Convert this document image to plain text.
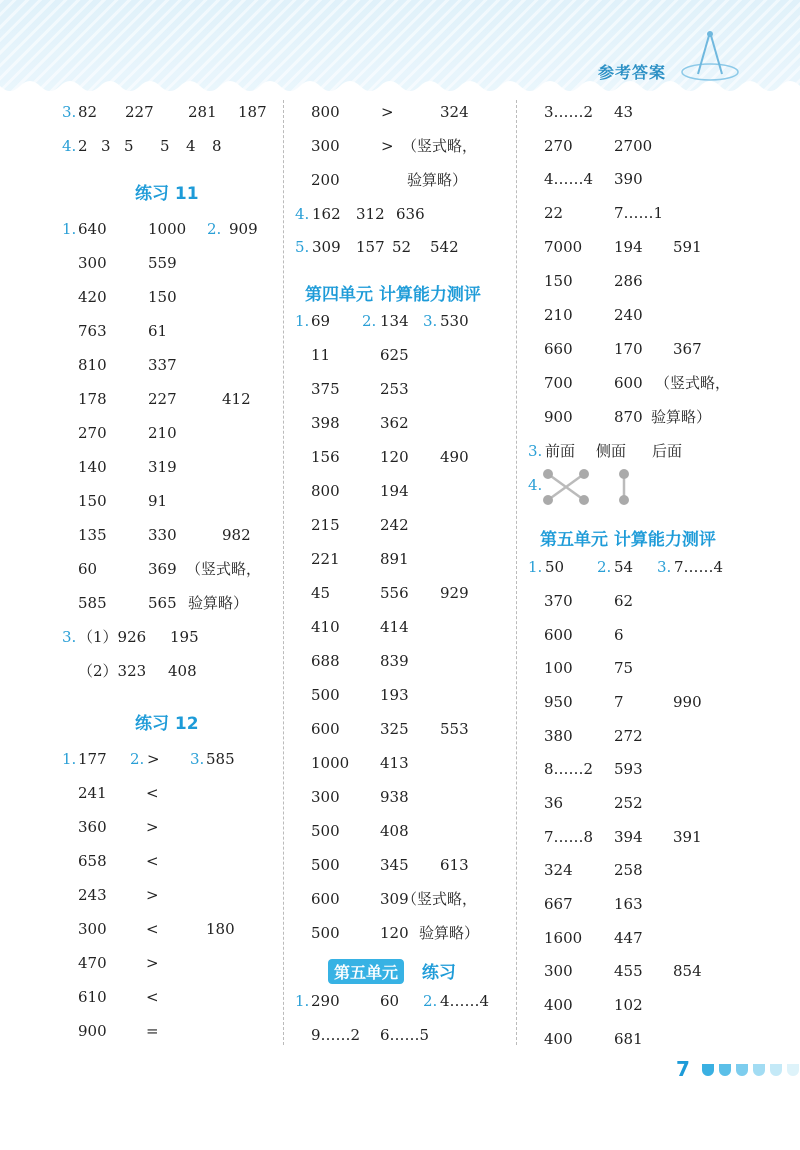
参考答案
3. 82 227 281 187
4. 2 3 5 5 4 8
练习 11
1. 640	1000 2. 909
300	559
420	150
763	61
810	337
178	227	412
270	210
140	319
150	91
135	330	982
60	369 （竖式略，
585	565 验算略）
3. （1）926 195
（2）323 408
练习 12
1. 177 2. > 3. 585
241	<
360	>
658	<
243	>
300	<	180
470	>
610	<
900	=
800	>	324
300	> （竖式略，
200	验算略）
4. 162 312 636
5. 309 157 52 542
第四单元 计算能力测评
1. 69 2. 134 3. 530
11	625
375	253
398	362
156	120 490
800	194
215	242
221	891
45	556 929
410	414
688	839
500	193
600	325 553
1000 413
300	938
500	408
500	345 613
600	309
（竖式略，
500	120 验算略）
第五单元 练习
1. 290	60 2. 4……4
9……2 6……5
3……2 43
270	2700
4……4 390
22	7……1
7000 194 591
150	286
210	240
660	170 367
700	600 （竖式略，
900	870 验算略）
3. 前面 侧面 后面
4.
第五单元 计算能力测评
1. 50 2. 54 3. 7……4
370	62
600	6
100	75
950	7	990
380	272
8……2 593
36	252
7……8 394 391
324	258
667	163
1600 447
300	455 854
400	102
400	681
7
